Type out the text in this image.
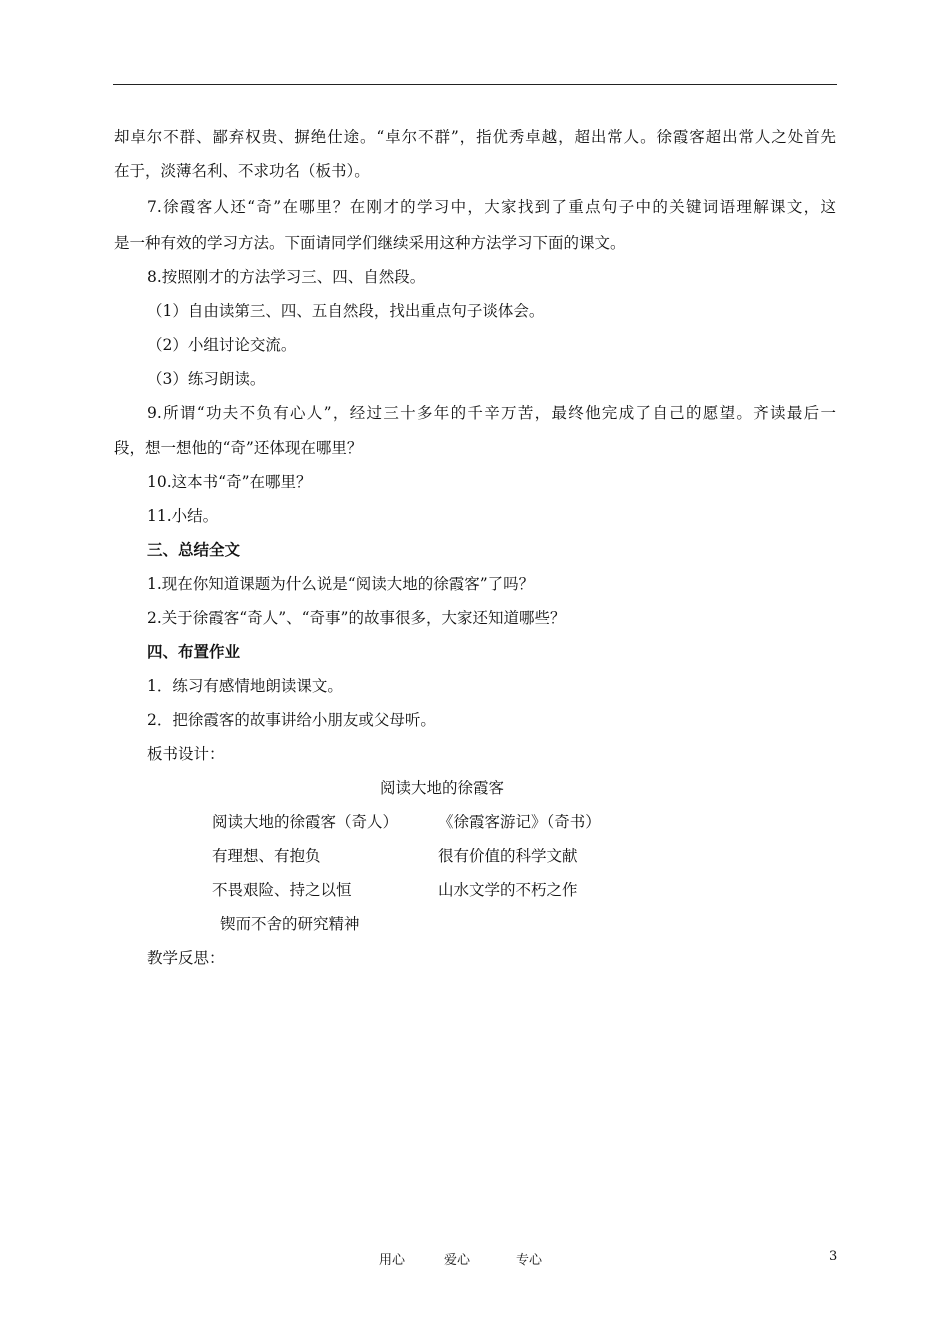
却卓尔不群、鄙弃权贵、摒绝仕途。“卓尔不群”，指优秀卓越，超出常人。徐霞客超出常人之处首先
在于，淡薄名利、不求功名（板书）。
7.徐霞客人还“奇”在哪里？在刚才的学习中，大家找到了重点句子中的关键词语理解课文，这
是一种有效的学习方法。下面请同学们继续采用这种方法学习下面的课文。
8.按照刚才的方法学习三、四、自然段。
（1）自由读第三、四、五自然段，找出重点句子谈体会。
（2）小组讨论交流。
（3）练习朗读。
9.所谓“功夫不负有心人”，经过三十多年的千辛万苦，最终他完成了自己的愿望。齐读最后一
段，想一想他的“奇”还体现在哪里？
10.这本书“奇”在哪里？
11.小结。
三、总结全文
1.现在你知道课题为什么说是“阅读大地的徐霞客”了吗？
2.关于徐霞客“奇人”、“奇事”的故事很多，大家还知道哪些？
四、布置作业
1．练习有感情地朗读课文。
2．把徐霞客的故事讲给小朋友或父母听。
板书设计：
阅读大地的徐霞客
阅读大地的徐霞客（奇人）	《徐霞客游记》（奇书）
有理想、有抱负	很有价值的科学文献
不畏艰险、持之以恒	山水文学的不朽之作
锲而不舍的研究精神
教学反思：
用心	爱心	专心	3
